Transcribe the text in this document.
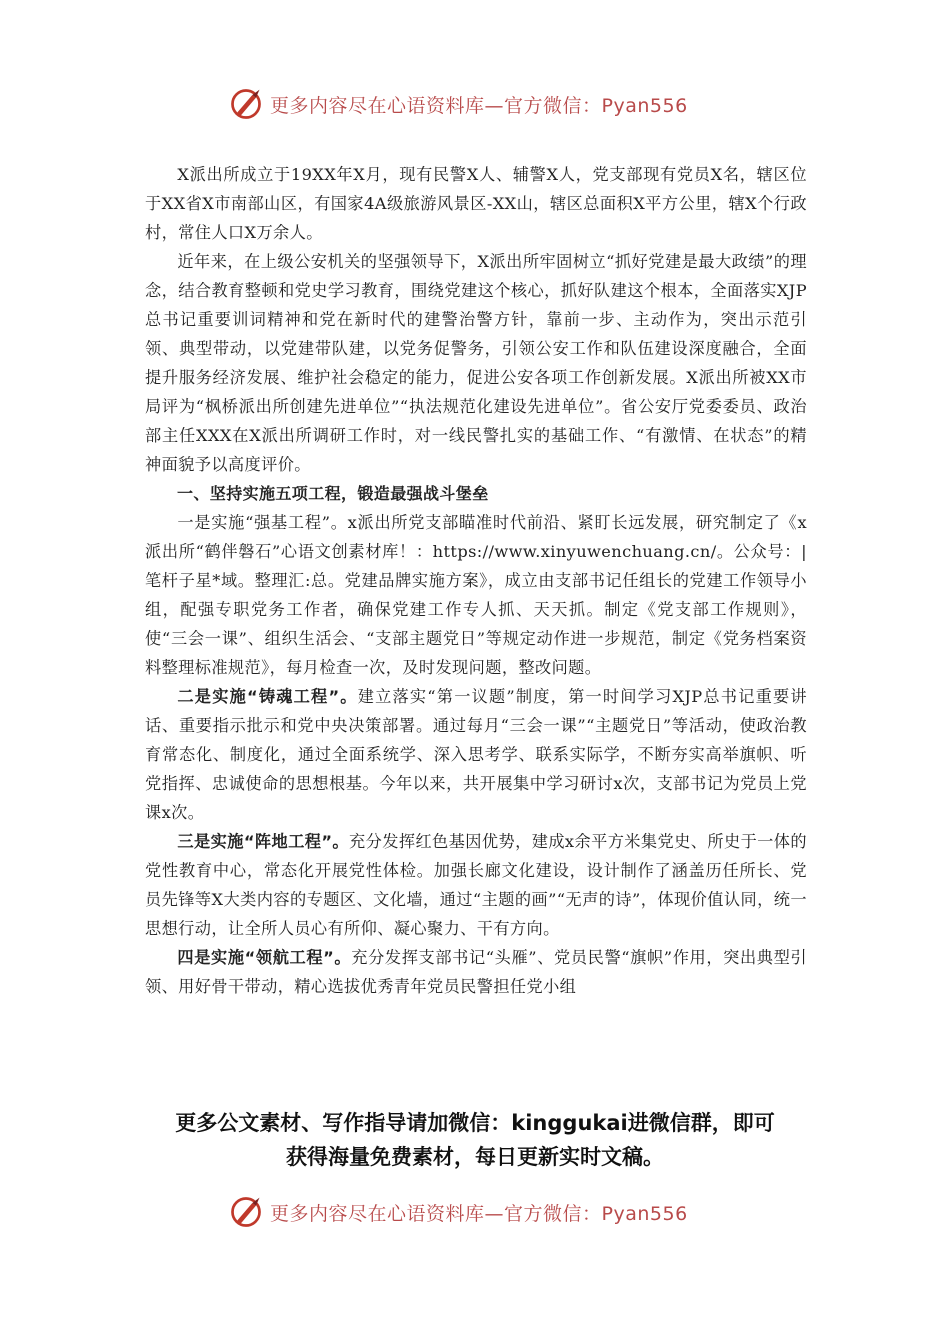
更多内容尽在心语资料库—官方微信：Pyan556

X派出所成立于19XX年X月，现有民警X人、辅警X人，党支部现有党员X名，辖区位于XX省X市南部山区，有国家4A级旅游风景区-XX山，辖区总面积X平方公里，辖X个行政村，常住人口X万余人。

近年来，在上级公安机关的坚强领导下，X派出所牢固树立“抓好党建是最大政绩”的理念，结合教育整顿和党史学习教育，围绕党建这个核心，抓好队建这个根本，全面落实XJP总书记重要训词精神和党在新时代的建警治警方针，靠前一步、主动作为，突出示范引领、典型带动，以党建带队建，以党务促警务，引领公安工作和队伍建设深度融合，全面提升服务经济发展、维护社会稳定的能力，促进公安各项工作创新发展。X派出所被XX市局评为“枫桥派出所创建先进单位”“执法规范化建设先进单位”。省公安厅党委委员、政治部主任XXX在X派出所调研工作时，对一线民警扎实的基础工作、“有激情、在状态”的精神面貌予以高度评价。

一、坚持实施五项工程，锻造最强战斗堡垒

一是实施“强基工程”。x派出所党支部瞄准时代前沿、紧盯长远发展，研究制定了《x派出所“鹤伴磐石”心语文创素材库！：https://www.xinyuwenchuang.cn/。公众号：|笔杆子星*域。整理汇:总。党建品牌实施方案》，成立由支部书记任组长的党建工作领导小组，配强专职党务工作者，确保党建工作专人抓、天天抓。制定《党支部工作规则》，使“三会一课”、组织生活会、“支部主题党日”等规定动作进一步规范，制定《党务档案资料整理标准规范》，每月检查一次，及时发现问题，整改问题。

二是实施“铸魂工程”。建立落实“第一议题”制度，第一时间学习XJP总书记重要讲话、重要指示批示和党中央决策部署。通过每月“三会一课”“主题党日”等活动，使政治教育常态化、制度化，通过全面系统学、深入思考学、联系实际学，不断夯实高举旗帜、听党指挥、忠诚使命的思想根基。今年以来，共开展集中学习研讨x次，支部书记为党员上党课x次。

三是实施“阵地工程”。充分发挥红色基因优势，建成x余平方米集党史、所史于一体的党性教育中心，常态化开展党性体检。加强长廊文化建设，设计制作了涵盖历任所长、党员先锋等X大类内容的专题区、文化墙，通过“主题的画”“无声的诗”，体现价值认同，统一思想行动，让全所人员心有所仰、凝心聚力、干有方向。

四是实施“领航工程”。充分发挥支部书记“头雁”、党员民警“旗帜”作用，突出典型引领、用好骨干带动，精心选拔优秀青年党员民警担任党小组

更多公文素材、写作指导请加微信：kinggukai进微信群，即可
获得海量免费素材，每日更新实时文稿。
更多内容尽在心语资料库—官方微信：Pyan556
